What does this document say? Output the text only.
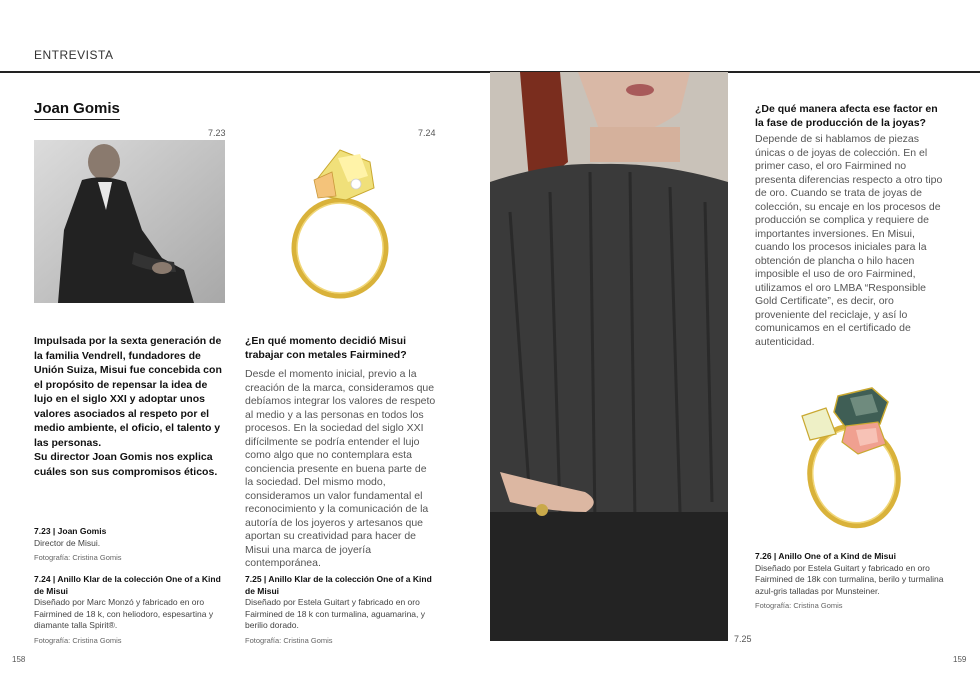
ENTREVISTA
Joan Gomis
7.23	7.24
7.25
Impulsada por la sexta generación de la familia Vendrell, fundadores de Unión Suiza, Misui fue concebida con el propósito de repensar la idea de lujo en el siglo XXI y adoptar unos valores asociados al respeto por el medio ambiente, el oficio, el talento y las personas.
Su director Joan Gomis nos explica cuáles son sus compromisos éticos.
¿En qué momento decidió Misui trabajar con metales Fairmined?
Desde el momento inicial, previo a la creación de la marca, consideramos que debíamos integrar los valores de respeto al medio y a las personas en todos los procesos. En la sociedad del siglo XXI difícilmente se podría entender el lujo como algo que no contemplara esta conciencia presente en buena parte de la sociedad. Del mismo modo, consideramos un valor fundamental el reconocimiento y la comunicación de la autoría de los joyeros y artesanos que aportan su creatividad para hacer de Misui una marca de joyería contemporánea.
¿De qué manera afecta ese factor en la fase de producción de la joyas?
Depende de si hablamos de piezas únicas o de joyas de colección. En el primer caso, el oro Fairmined no presenta diferencias respecto a otro tipo de oro. Cuando se trata de joyas de colección, su encaje en los procesos de producción se complica y requiere de importantes inversiones. En Misui, cuando los procesos iniciales para la obtención de plancha o hilo hacen imposible el uso de oro Fairmined, utilizamos el oro LMBA “Responsible Gold Certificate”, es decir, oro proveniente del reciclaje, y así lo comunicamos en el certificado de autenticidad.
7.23 | Joan Gomis
Director de Misui.
Fotografía: Cristina Gomis
7.24 | Anillo Klar de la colección One of a Kind de Misui
Diseñado por Marc Monzó y fabricado en oro Fairmined de 18 k, con heliodoro, espesartina y diamante talla Spirit®.
Fotografía: Cristina Gomis
7.25 | Anillo Klar de la colección One of a Kind de Misui
Diseñado por Estela Guitart y fabricado en oro Fairmined de 18 k con turmalina, aguamarina, y berilio dorado.
Fotografía: Cristina Gomis
7.26 | Anillo One of a Kind de Misui
Diseñado por Estela Guitart y fabricado en oro Fairmined de 18k con turmalina, berilo y turmalina azul-gris talladas por Munsteiner.
Fotografía: Cristina Gomis
158	159
